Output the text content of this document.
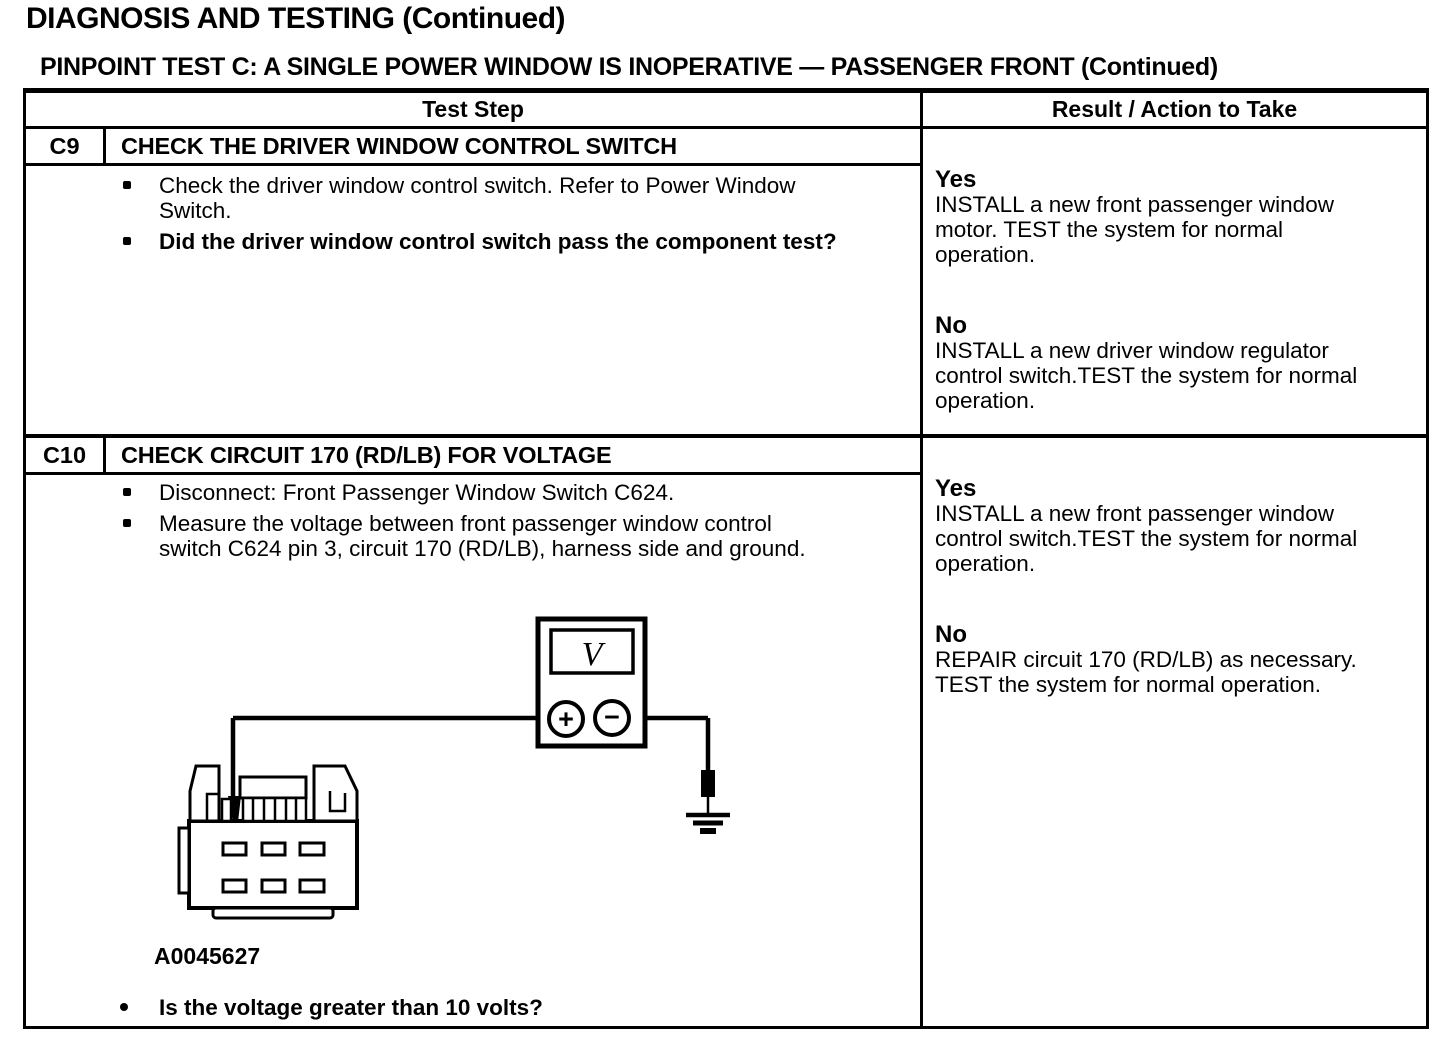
DIAGNOSIS AND TESTING (Continued)
PINPOINT TEST C: A SINGLE POWER WINDOW IS INOPERATIVE — PASSENGER FRONT (Continued)
Test Step	Result / Action to Take
C9	CHECK THE DRIVER WINDOW CONTROL SWITCH
Check the driver window control switch. Refer to Power Window Switch.
Did the driver window control switch pass the component test?
Yes
INSTALL a new front passenger window motor. TEST the system for normal operation.
No
INSTALL a new driver window regulator control switch.TEST the system for normal operation.
C10	CHECK CIRCUIT 170 (RD/LB) FOR VOLTAGE
Disconnect: Front Passenger Window Switch C624.
Measure the voltage between front passenger window control switch C624 pin 3, circuit 170 (RD/LB), harness side and ground.
V
+ −
A0045627
Is the voltage greater than 10 volts?
Yes
INSTALL a new front passenger window control switch.TEST the system for normal operation.
No
REPAIR circuit 170 (RD/LB) as necessary. TEST the system for normal operation.
